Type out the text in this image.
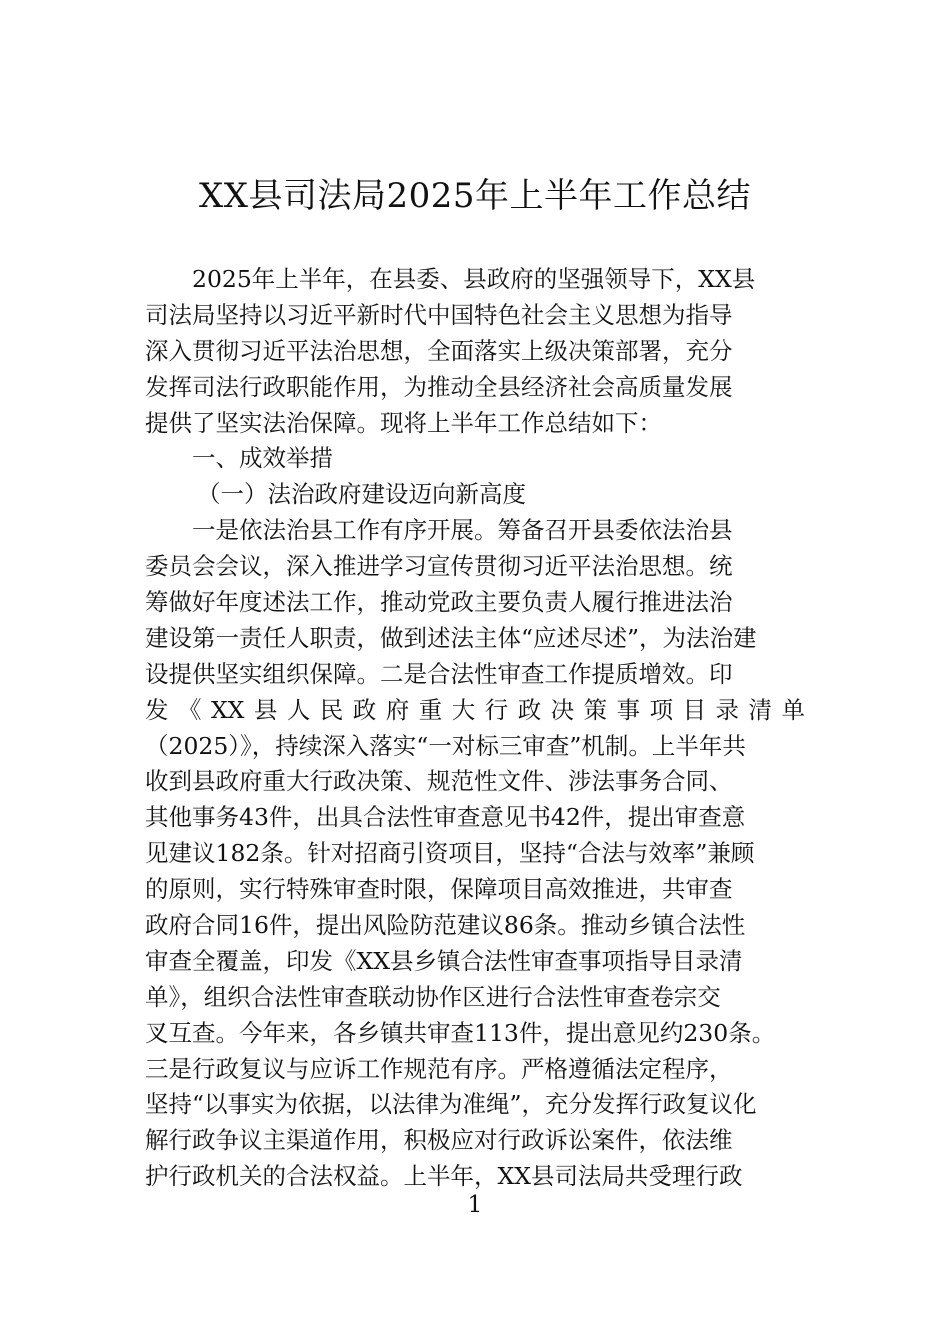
XX县司法局2025年上半年工作总结
2025年上半年，在县委、县政府的坚强领导下，XX县
司法局坚持以习近平新时代中国特色社会主义思想为指导
深入贯彻习近平法治思想，全面落实上级决策部署，充分
发挥司法行政职能作用，为推动全县经济社会高质量发展
提供了坚实法治保障。现将上半年工作总结如下：
一、成效举措
（一）法治政府建设迈向新高度
一是依法治县工作有序开展。筹备召开县委依法治县
委员会会议，深入推进学习宣传贯彻习近平法治思想。统
筹做好年度述法工作，推动党政主要负责人履行推进法治
建设第一责任人职责，做到述法主体“应述尽述”，为法治建
设提供坚实组织保障。二是合法性审查工作提质增效。印
发《XX县人民政府重大行政决策事项目录清单
（2025）》，持续深入落实“一对标三审查”机制。上半年共
收到县政府重大行政决策、规范性文件、涉法事务合同、
其他事务43件，出具合法性审查意见书42件，提出审查意
见建议182条。针对招商引资项目，坚持“合法与效率”兼顾
的原则，实行特殊审查时限，保障项目高效推进，共审查
政府合同16件，提出风险防范建议86条。推动乡镇合法性
审查全覆盖，印发《XX县乡镇合法性审查事项指导目录清
单》，组织合法性审查联动协作区进行合法性审查卷宗交
叉互查。今年来，各乡镇共审查113件，提出意见约230条。
三是行政复议与应诉工作规范有序。严格遵循法定程序，
坚持“以事实为依据，以法律为准绳”，充分发挥行政复议化
解行政争议主渠道作用，积极应对行政诉讼案件，依法维
护行政机关的合法权益。上半年，XX县司法局共受理行政
1
